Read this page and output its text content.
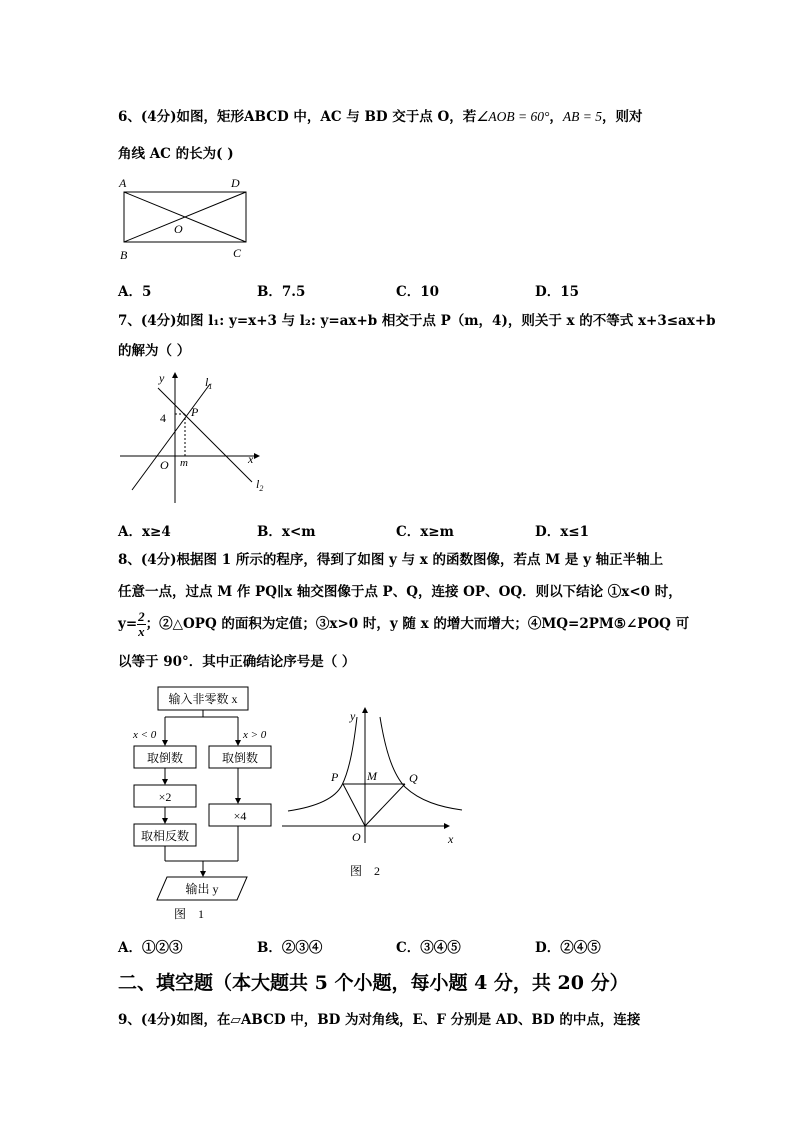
6、(4分)如图，矩形ABCD 中，AC 与 BD 交于点 O，若∠AOB = 60°，AB = 5，则对
角线 AC 的长为( )
A	D
B	C
O
A．5	B．7.5	C．10	D．15
7、(4分)如图 l₁: y=x+3 与 l₂: y=ax+b 相交于点 P（m，4)，则关于 x 的不等式 x+3≤ax+b
的解为（ ）
y
x
$l_1$
$l_2$
4 P
O m
A．x≥4	B．x<m	C．x≥m	D．x≤1
8、(4分)根据图 1 所示的程序，得到了如图 y 与 x 的函数图像，若点 M 是 y 轴正半轴上
任意一点，过点 M 作 PQ∥x 轴交图像于点 P、Q，连接 OP、OQ．则以下结论 ①x<0 时，
$y= \frac{2}{x}$ ；②△OPQ 的面积为定值；③x>0 时，y 随 x 的增大而增大；④MQ=2PM⑤∠POQ 可
以等于 90°．其中正确结论序号是（ ）
输入非零数 x
x < 0	x > 0
取倒数
×2
取相反数
取倒数
×4
输出 y
图　1
y
x
P M	Q
O
图　2
A．①②③	B．②③④	C．③④⑤	D．②④⑤
二、填空题（本大题共 5 个小题，每小题 4 分，共 20 分）
9、(4分)如图，在▱ABCD 中，BD 为对角线，E、F 分别是 AD、BD 的中点，连接
